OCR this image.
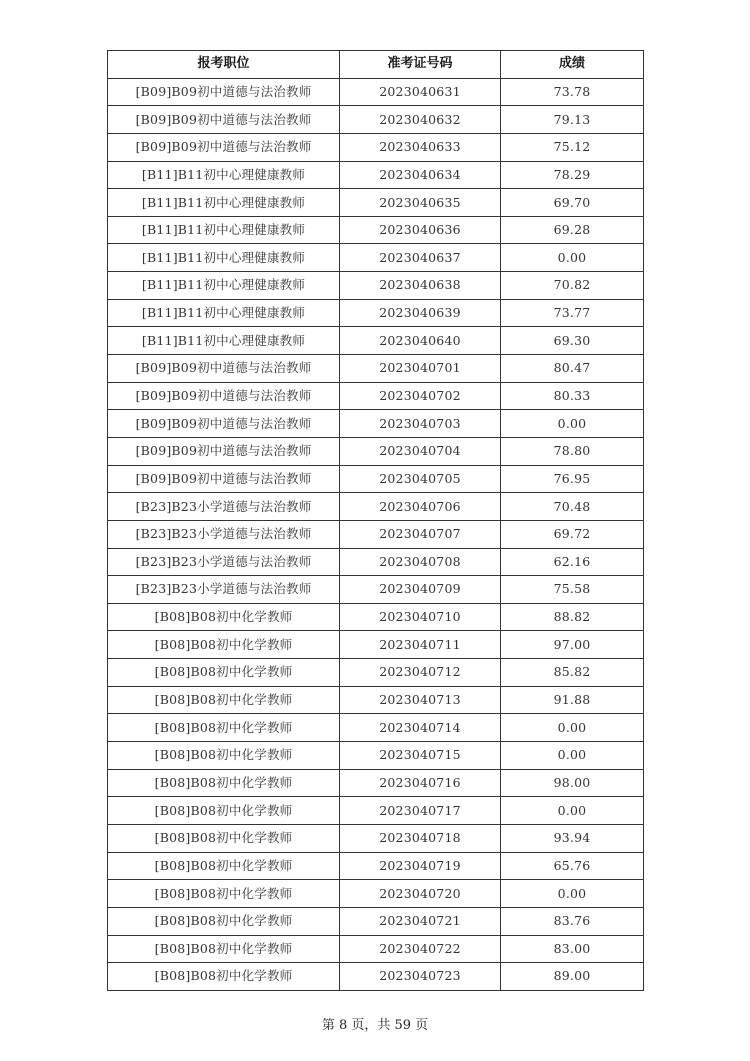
报考职位	准考证号码	成绩
[B09]B09初中道德与法治教师	2023040631	73.78
[B09]B09初中道德与法治教师	2023040632	79.13
[B09]B09初中道德与法治教师	2023040633	75.12
[B11]B11初中心理健康教师	2023040634	78.29
[B11]B11初中心理健康教师	2023040635	69.70
[B11]B11初中心理健康教师	2023040636	69.28
[B11]B11初中心理健康教师	2023040637	0.00
[B11]B11初中心理健康教师	2023040638	70.82
[B11]B11初中心理健康教师	2023040639	73.77
[B11]B11初中心理健康教师	2023040640	69.30
[B09]B09初中道德与法治教师	2023040701	80.47
[B09]B09初中道德与法治教师	2023040702	80.33
[B09]B09初中道德与法治教师	2023040703	0.00
[B09]B09初中道德与法治教师	2023040704	78.80
[B09]B09初中道德与法治教师	2023040705	76.95
[B23]B23小学道德与法治教师	2023040706	70.48
[B23]B23小学道德与法治教师	2023040707	69.72
[B23]B23小学道德与法治教师	2023040708	62.16
[B23]B23小学道德与法治教师	2023040709	75.58
[B08]B08初中化学教师	2023040710	88.82
[B08]B08初中化学教师	2023040711	97.00
[B08]B08初中化学教师	2023040712	85.82
[B08]B08初中化学教师	2023040713	91.88
[B08]B08初中化学教师	2023040714	0.00
[B08]B08初中化学教师	2023040715	0.00
[B08]B08初中化学教师	2023040716	98.00
[B08]B08初中化学教师	2023040717	0.00
[B08]B08初中化学教师	2023040718	93.94
[B08]B08初中化学教师	2023040719	65.76
[B08]B08初中化学教师	2023040720	0.00
[B08]B08初中化学教师	2023040721	83.76
[B08]B08初中化学教师	2023040722	83.00
[B08]B08初中化学教师	2023040723	89.00
第 8 页，共 59 页
